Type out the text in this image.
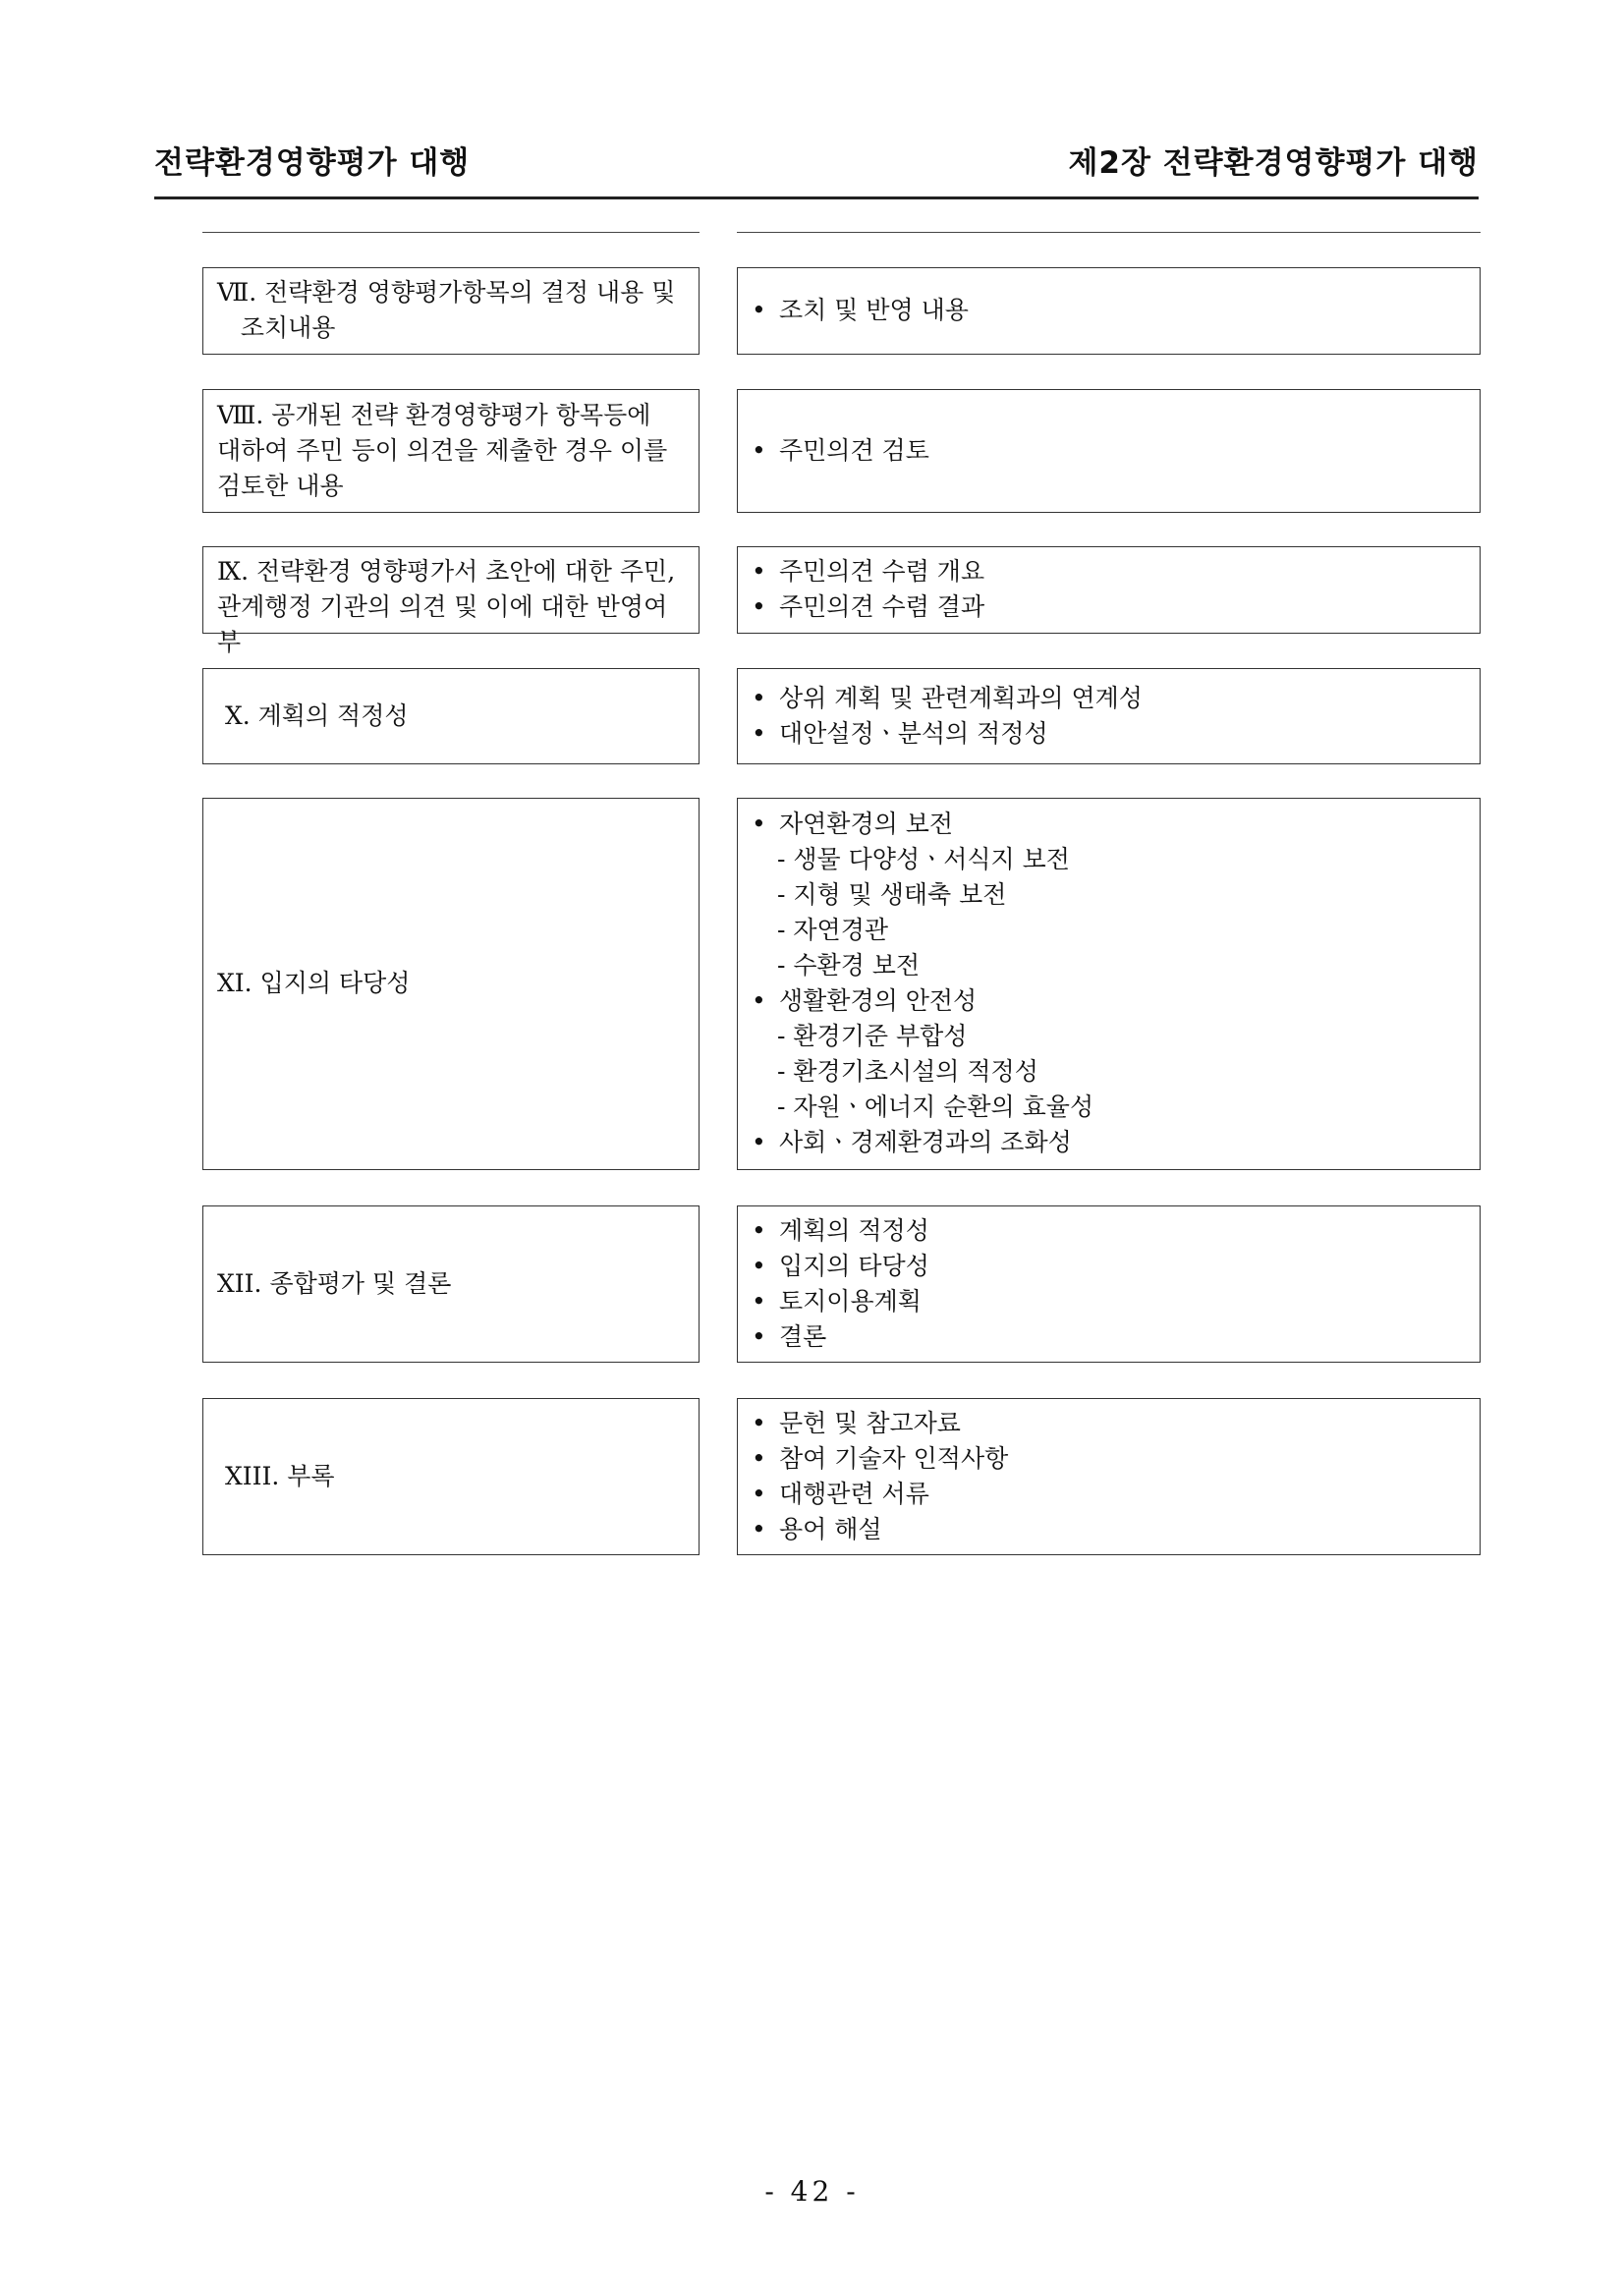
전략환경영향평가 대행	제2장 전략환경영향평가 대행
Ⅶ. 전략환경 영향평가항목의 결정 내용 및
조치내용
• 조치 및 반영 내용
Ⅷ. 공개된 전략 환경영향평가 항목등에
대하여 주민 등이 의견을 제출한 경우 이를
검토한 내용
• 주민의견 검토
Ⅸ. 전략환경 영향평가서 초안에 대한 주민,
관계행정 기관의 의견 및 이에 대한 반영여부
• 주민의견 수렴 개요
• 주민의견 수렴 결과
Ⅹ. 계획의 적정성
• 상위 계획 및 관련계획과의 연계성
• 대안설정ㆍ분석의 적정성
XI. 입지의 타당성
• 자연환경의 보전
- 생물 다양성ㆍ서식지 보전
- 지형 및 생태축 보전
- 자연경관
- 수환경 보전
• 생활환경의 안전성
- 환경기준 부합성
- 환경기초시설의 적정성
- 자원ㆍ에너지 순환의 효율성
• 사회ㆍ경제환경과의 조화성
XII. 종합평가 및 결론
• 계획의 적정성
• 입지의 타당성
• 토지이용계획
• 결론
XIII. 부록
• 문헌 및 참고자료
• 참여 기술자 인적사항
• 대행관련 서류
• 용어 해설
- 42 -
